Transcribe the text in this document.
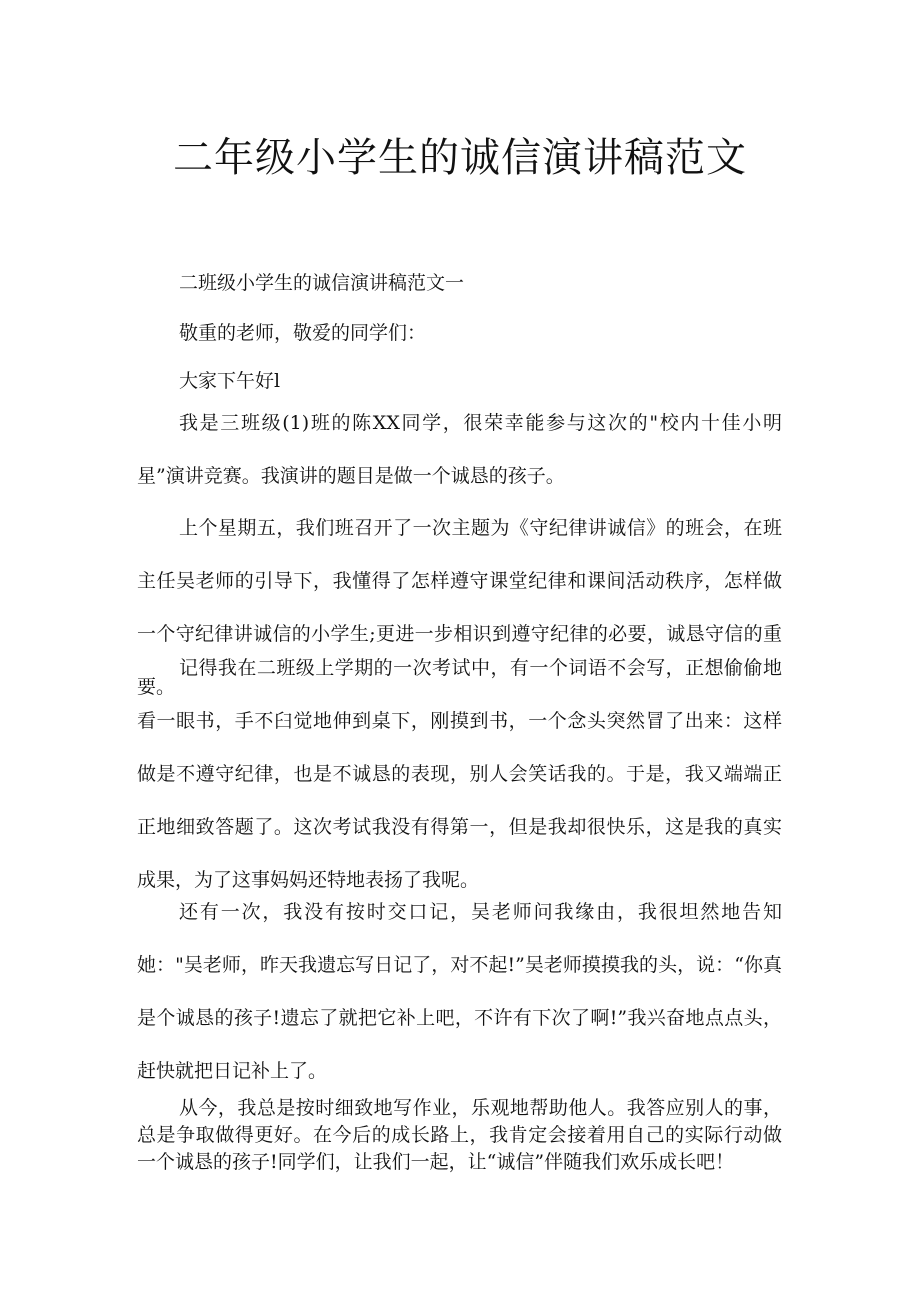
二年级小学生的诚信演讲稿范文

二班级小学生的诚信演讲稿范文一

敬重的老师，敬爱的同学们：

大家下午好l

我是三班级(1)班的陈XX同学，很荣幸能参与这次的"校内十佳小明星”演讲竞赛。我演讲的题目是做一个诚恳的孩子。

上个星期五，我们班召开了一次主题为《守纪律讲诚信》的班会，在班主任吴老师的引导下，我懂得了怎样遵守课堂纪律和课间活动秩序，怎样做一个守纪律讲诚信的小学生;更进一步相识到遵守纪律的必要，诚恳守信的重要。

记得我在二班级上学期的一次考试中，有一个词语不会写，正想偷偷地看一眼书，手不臼觉地伸到桌下，刚摸到书，一个念头突然冒了出来：这样做是不遵守纪律，也是不诚恳的表现，别人会笑话我的。于是，我又端端正正地细致答题了。这次考试我没有得第一，但是我却很快乐，这是我的真实成果，为了这事妈妈还特地表扬了我呢。

还有一次，我没有按时交口记，吴老师问我缘由，我很坦然地告知她："吴老师，昨天我遗忘写日记了，对不起!”吴老师摸摸我的头，说：“你真是个诚恳的孩子!遗忘了就把它补上吧，不许有下次了啊!”我兴奋地点点头，赶快就把日记补上了。

从今，我总是按时细致地写作业，乐观地帮助他人。我答应别人的事，总是争取做得更好。在今后的成长路上，我肯定会接着用自己的实际行动做一个诚恳的孩子!同学们，让我们一起，让“诚信”伴随我们欢乐成长吧！
